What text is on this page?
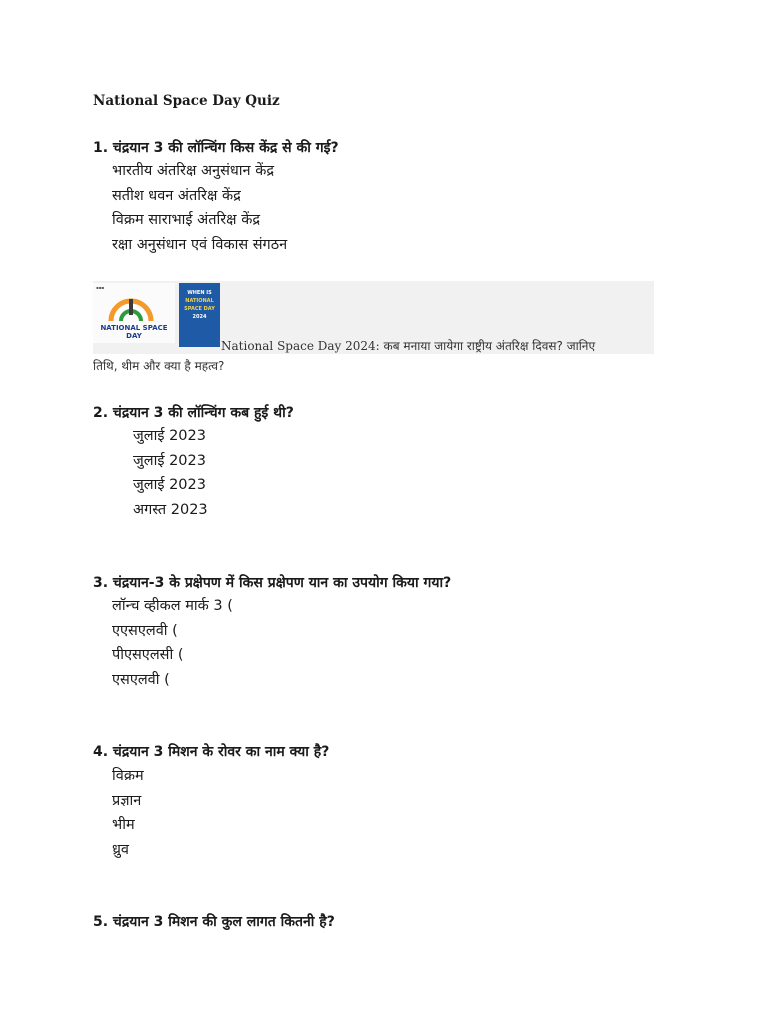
National Space Day Quiz
1. चंद्रयान 3 की लॉन्चिंग किस केंद्र से की गई?
भारतीय अंतरिक्ष अनुसंधान केंद्र
सतीश धवन अंतरिक्ष केंद्र
विक्रम साराभाई अंतरिक्ष केंद्र
रक्षा अनुसंधान एवं विकास संगठन
▪▪▪
NATIONAL SPACE DAY
WHEN IS
NATIONAL
SPACE DAY
2024
National Space Day 2024: कब मनाया जायेगा राष्ट्रीय अंतरिक्ष दिवस? जानिए
तिथि, थीम और क्या है महत्व?
2. चंद्रयान 3 की लॉन्चिंग कब हुई थी?
जुलाई 2023
जुलाई 2023
जुलाई 2023
अगस्त 2023
3. चंद्रयान-3 के प्रक्षेपण में किस प्रक्षेपण यान का उपयोग किया गया?
लॉन्च व्हीकल मार्क 3 (
एएसएलवी (
पीएसएलसी (
एसएलवी (
4. चंद्रयान 3 मिशन के रोवर का नाम क्या है?
विक्रम
प्रज्ञान
भीम
ध्रुव
5. चंद्रयान 3 मिशन की कुल लागत कितनी है?
